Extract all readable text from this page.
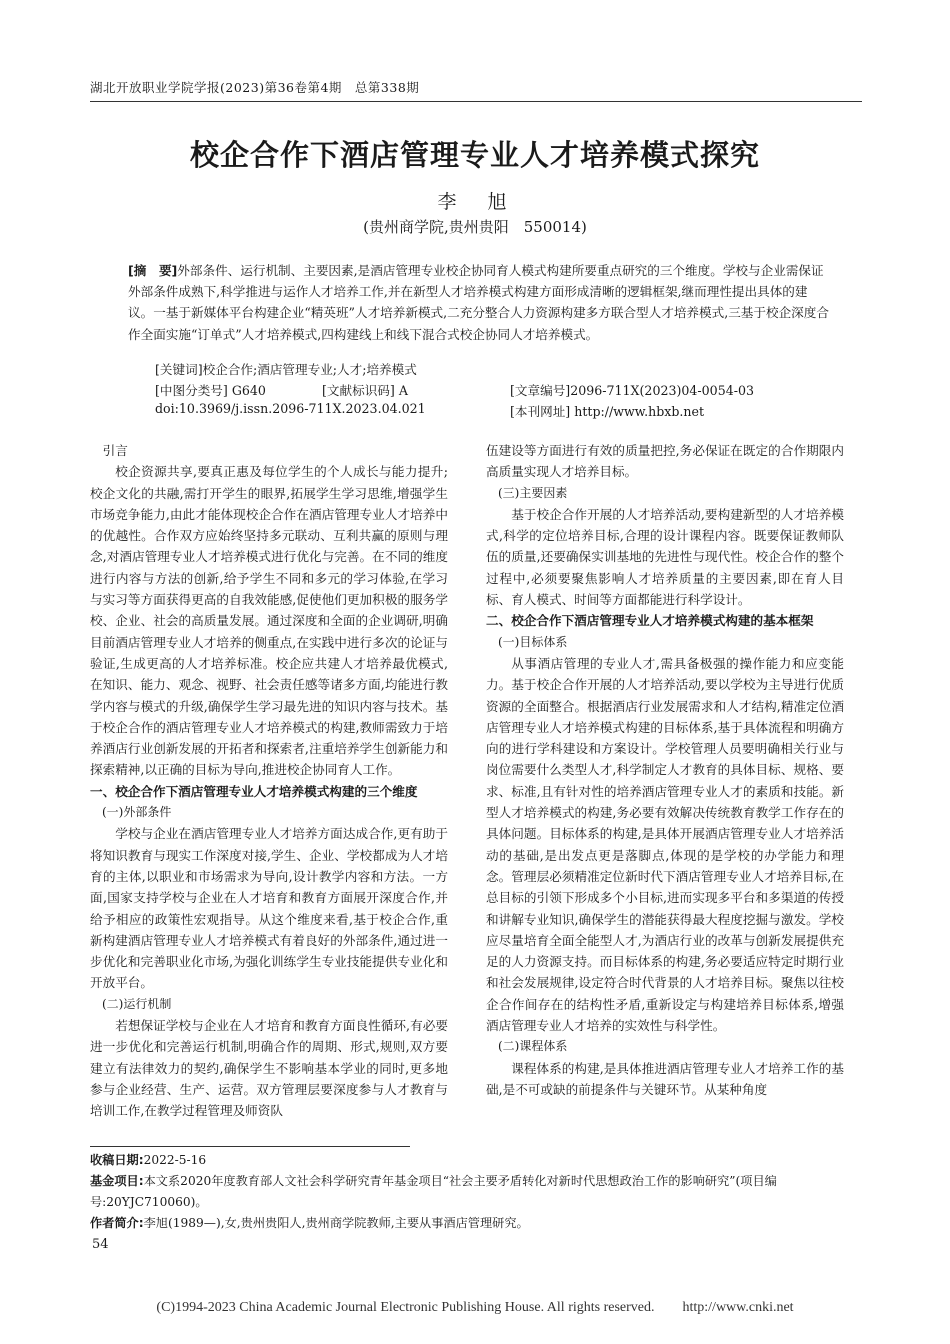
湖北开放职业学院学报(2023)第36卷第4期　总第338期
校企合作下酒店管理专业人才培养模式探究
李　旭
(贵州商学院,贵州贵阳　550014)
[摘　要]外部条件、运行机制、主要因素,是酒店管理专业校企协同育人模式构建所要重点研究的三个维度。学校与企业需保证外部条件成熟下,科学推进与运作人才培养工作,并在新型人才培养模式构建方面形成清晰的逻辑框架,继而理性提出具体的建议。一基于新媒体平台构建企业“精英班”人才培养新模式,二充分整合人力资源构建多方联合型人才培养模式,三基于校企深度合作全面实施“订单式”人才培养模式,四构建线上和线下混合式校企协同人才培养模式。
[关键词]校企合作;酒店管理专业;人才;培养模式
[中图分类号] G640	[文献标识码] A
doi:10.3969/j.issn.2096-711X.2023.04.021
[文章编号]2096-711X(2023)04-0054-03
[本刊网址] http://www.hbxb.net

引言

校企资源共享,要真正惠及每位学生的个人成长与能力提升;校企文化的共融,需打开学生的眼界,拓展学生学习思维,增强学生市场竞争能力,由此才能体现校企合作在酒店管理专业人才培养中的优越性。合作双方应始终坚持多元联动、互利共赢的原则与理念,对酒店管理专业人才培养模式进行优化与完善。在不同的维度进行内容与方法的创新,给予学生不同和多元的学习体验,在学习与实习等方面获得更高的自我效能感,促使他们更加积极的服务学校、企业、社会的高质量发展。通过深度和全面的企业调研,明确目前酒店管理专业人才培养的侧重点,在实践中进行多次的论证与验证,生成更高的人才培养标准。校企应共建人才培养最优模式,在知识、能力、观念、视野、社会责任感等诸多方面,均能进行教学内容与模式的升级,确保学生学习最先进的知识内容与技术。基于校企合作的酒店管理专业人才培养模式的构建,教师需致力于培养酒店行业创新发展的开拓者和探索者,注重培养学生创新能力和探索精神,以正确的目标为导向,推进校企协同育人工作。

一、校企合作下酒店管理专业人才培养模式构建的三个维度

(一)外部条件

学校与企业在酒店管理专业人才培养方面达成合作,更有助于将知识教育与现实工作深度对接,学生、企业、学校都成为人才培育的主体,以职业和市场需求为导向,设计教学内容和方法。一方面,国家支持学校与企业在人才培育和教育方面展开深度合作,并给予相应的政策性宏观指导。从这个维度来看,基于校企合作,重新构建酒店管理专业人才培养模式有着良好的外部条件,通过进一步优化和完善职业化市场,为强化训练学生专业技能提供专业化和开放平台。

(二)运行机制

若想保证学校与企业在人才培育和教育方面良性循环,有必要进一步优化和完善运行机制,明确合作的周期、形式,规则,双方要建立有法律效力的契约,确保学生不影响基本学业的同时,更多地参与企业经营、生产、运营。双方管理层要深度参与人才教育与培训工作,在教学过程管理及师资队

伍建设等方面进行有效的质量把控,务必保证在既定的合作期限内高质量实现人才培养目标。

(三)主要因素

基于校企合作开展的人才培养活动,要构建新型的人才培养模式,科学的定位培养目标,合理的设计课程内容。既要保证教师队伍的质量,还要确保实训基地的先进性与现代性。校企合作的整个过程中,必须要聚焦影响人才培养质量的主要因素,即在育人目标、育人模式、时间等方面都能进行科学设计。

二、校企合作下酒店管理专业人才培养模式构建的基本框架

(一)目标体系

从事酒店管理的专业人才,需具备极强的操作能力和应变能力。基于校企合作开展的人才培养活动,要以学校为主导进行优质资源的全面整合。根据酒店行业发展需求和人才结构,精准定位酒店管理专业人才培养模式构建的目标体系,基于具体流程和明确方向的进行学科建设和方案设计。学校管理人员要明确相关行业与岗位需要什么类型人才,科学制定人才教育的具体目标、规格、要求、标准,且有针对性的培养酒店管理专业人才的素质和技能。新型人才培养模式的构建,务必要有效解决传统教育教学工作存在的具体问题。目标体系的构建,是具体开展酒店管理专业人才培养活动的基础,是出发点更是落脚点,体现的是学校的办学能力和理念。管理层必须精准定位新时代下酒店管理专业人才培养目标,在总目标的引领下形成多个小目标,进而实现多平台和多渠道的传授和讲解专业知识,确保学生的潜能获得最大程度挖掘与激发。学校应尽量培育全面全能型人才,为酒店行业的改革与创新发展提供充足的人力资源支持。而目标体系的构建,务必要适应特定时期行业和社会发展规律,设定符合时代背景的人才培养目标。聚焦以往校企合作间存在的结构性矛盾,重新设定与构建培养目标体系,增强酒店管理专业人才培养的实效性与科学性。

(二)课程体系

课程体系的构建,是具体推进酒店管理专业人才培养工作的基础,是不可或缺的前提条件与关键环节。从某种角度

收稿日期:2022-5-16

基金项目:本文系2020年度教育部人文社会科学研究青年基金项目“社会主要矛盾转化对新时代思想政治工作的影响研究”(项目编号:20YJC710060)。

作者简介:李旭(1989—),女,贵州贵阳人,贵州商学院教师,主要从事酒店管理研究。

54
(C)1994-2023 China Academic Journal Electronic Publishing House. All rights reserved.　　http://www.cnki.net
